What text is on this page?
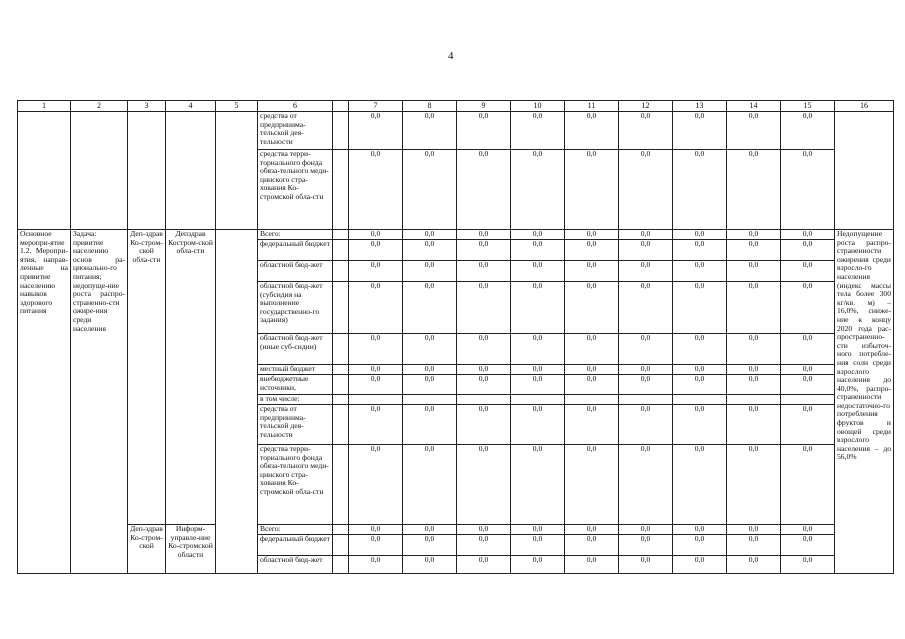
4
1	2	3	4	5	6		7	8	9	10	11	12	13	14	15	16
					средства от предпринима-тельской дея-тельности		0,0	0,0	0,0	0,0	0,0	0,0	0,0	0,0	0,0	
					средства терри-ториального фонда обяза-тельного меди-цинского стра-хования Ко-стромской обла-сти		0,0	0,0	0,0	0,0	0,0	0,0	0,0	0,0	0,0	
Основное меропри-ятие 1.2. Меропри-ятия, направ-ленные на привитие населению навыков здорового питания	Задача: привитие населению основ ра-ционально-го питания; недопуще-ние роста распро-страненно-сти ожире-ния среди населения	Деп-здрав Ко-стром-ской обла-сти	Депздрав Костром-ской обла-сти		Всего:		0,0	0,0	0,0	0,0	0,0	0,0	0,0	0,0	0,0	Недопущение роста распро-страненности ожирения среди взросло-го населения (индекс массы тела более 300 кг/кв. м) – 16,0%, сниже-ние к концу 2020 года рас-пространенно-сти избыточ-ного потребле-ния соли среди взрослого населения до 40,0%, распро-страненности недостаточно-го потребления фруктов и овощей среди взрослого населения – до 56,0%
					федеральный бюджет		0,0	0,0	0,0	0,0	0,0	0,0	0,0	0,0	0,0	
					областной бюд-жет		0,0	0,0	0,0	0,0	0,0	0,0	0,0	0,0	0,0	
					областной бюд-жет (субсидия на выполнение государственно-го задания)		0,0	0,0	0,0	0,0	0,0	0,0	0,0	0,0	0,0	
					областной бюд-жет (иные суб-сидии)		0,0	0,0	0,0	0,0	0,0	0,0	0,0	0,0	0,0	
					местный бюджет		0,0	0,0	0,0	0,0	0,0	0,0	0,0	0,0	0,0	
					внебюджетные источники,		0,0	0,0	0,0	0,0	0,0	0,0	0,0	0,0	0,0	
					в том числе:											
					средства от предпринима-тельской дея-тельности		0,0	0,0	0,0	0,0	0,0	0,0	0,0	0,0	0,0	
					средства терри-ториального фонда обяза-тельного меди-цинского стра-хования Ко-стромской обла-сти		0,0	0,0	0,0	0,0	0,0	0,0	0,0	0,0	0,0	
		Деп-здрав Ко-стром-ской	Информ-управле-ние Ко-стромской области		Всего:		0,0	0,0	0,0	0,0	0,0	0,0	0,0	0,0	0,0	
					федеральный бюджет		0,0	0,0	0,0	0,0	0,0	0,0	0,0	0,0	0,0	
					областной бюд-жет		0,0	0,0	0,0	0,0	0,0	0,0	0,0	0,0	0,0	
